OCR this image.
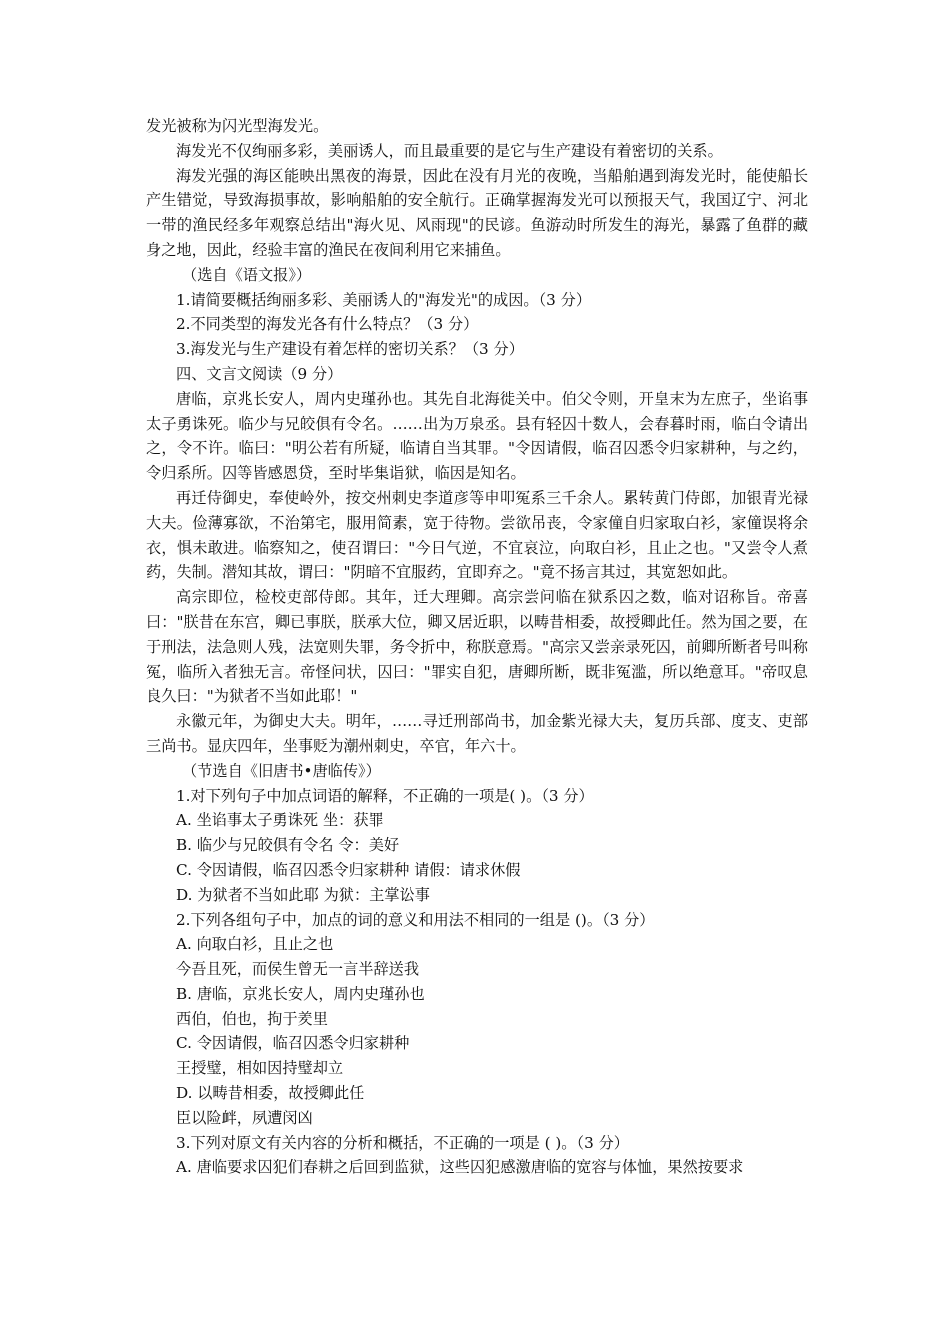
发光被称为闪光型海发光。

海发光不仅绚丽多彩，美丽诱人，而且最重要的是它与生产建设有着密切的关系。

海发光强的海区能映出黑夜的海景，因此在没有月光的夜晚，当船舶遇到海发光时，能使船长产生错觉，导致海损事故，影响船舶的安全航行。正确掌握海发光可以预报天气，我国辽宁、河北一带的渔民经多年观察总结出"海火见、风雨现"的民谚。鱼游动时所发生的海光，暴露了鱼群的藏身之地，因此，经验丰富的渔民在夜间利用它来捕鱼。

（选自《语文报》）

1.请简要概括绚丽多彩、美丽诱人的"海发光"的成因。（3 分）

2.不同类型的海发光各有什么特点？（3 分）

3.海发光与生产建设有着怎样的密切关系？（3 分）

四、文言文阅读（9 分）

唐临，京兆长安人，周内史瑾孙也。其先自北海徙关中。伯父令则，开皇末为左庶子，坐谄事太子勇诛死。临少与兄皎俱有令名。……出为万泉丞。县有轻囚十数人，会春暮时雨，临白令请出之，令不许。临曰："明公若有所疑，临请自当其罪。"令因请假，临召囚悉令归家耕种，与之约，令归系所。囚等皆感恩贷，至时毕集诣狱，临因是知名。

再迁侍御史，奉使岭外，按交州刺史李道彦等申叩冤系三千余人。累转黄门侍郎，加银青光禄大夫。俭薄寡欲，不治第宅，服用简素，宽于待物。尝欲吊丧，令家僮自归家取白衫，家僮误将余衣，惧未敢进。临察知之，使召谓曰："今日气逆，不宜哀泣，向取白衫，且止之也。"又尝令人煮药，失制。潜知其故，谓曰："阴暗不宜服药，宜即弃之。"竟不扬言其过，其宽恕如此。

高宗即位，检校吏部侍郎。其年，迁大理卿。高宗尝问临在狱系囚之数，临对诏称旨。帝喜曰："朕昔在东宫，卿已事朕，朕承大位，卿又居近职，以畴昔相委，故授卿此任。然为国之要，在于刑法，法急则人残，法宽则失罪，务令折中，称朕意焉。"高宗又尝亲录死囚，前卿所断者号叫称冤，临所入者独无言。帝怪问状，囚曰："罪实自犯，唐卿所断，既非冤滥，所以绝意耳。"帝叹息良久曰："为狱者不当如此耶！"

永徽元年，为御史大夫。明年，……寻迁刑部尚书，加金紫光禄大夫，复历兵部、度支、吏部三尚书。显庆四年，坐事贬为潮州刺史，卒官，年六十。

（节选自《旧唐书•唐临传》）

1.对下列句子中加点词语的解释，不正确的一项是( )。（3 分）

A. 坐谄事太子勇诛死 坐：获罪

B. 临少与兄皎俱有令名 令：美好

C. 令因请假，临召囚悉令归家耕种 请假：请求休假

D. 为狱者不当如此耶 为狱：主掌讼事

2.下列各组句子中，加点的词的意义和用法不相同的一组是 ()。（3 分）

A. 向取白衫，且止之也

今吾且死，而侯生曾无一言半辞送我

B. 唐临，京兆长安人，周内史瑾孙也

西伯，伯也，拘于羑里

C. 令因请假，临召囚悉令归家耕种

王授璧，相如因持璧却立

D. 以畴昔相委，故授卿此任

臣以险衅，夙遭闵凶

3.下列对原文有关内容的分析和概括，不正确的一项是 ( )。（3 分）

A. 唐临要求囚犯们春耕之后回到监狱，这些囚犯感激唐临的宽容与体恤，果然按要求
